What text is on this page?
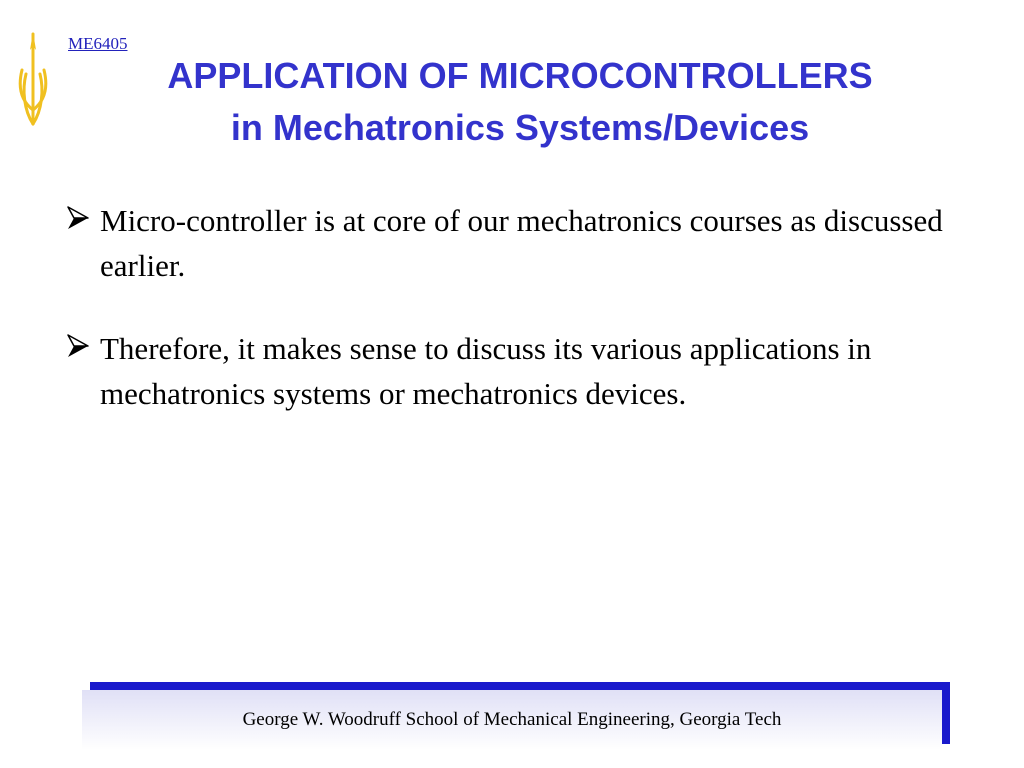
ME6405
APPLICATION OF MICROCONTROLLERS
in Mechatronics Systems/Devices
Micro-controller is at core of our mechatronics courses as discussed earlier.
Therefore, it makes sense to discuss its various applications in mechatronics systems or mechatronics devices.
George W. Woodruff School of Mechanical Engineering, Georgia Tech
